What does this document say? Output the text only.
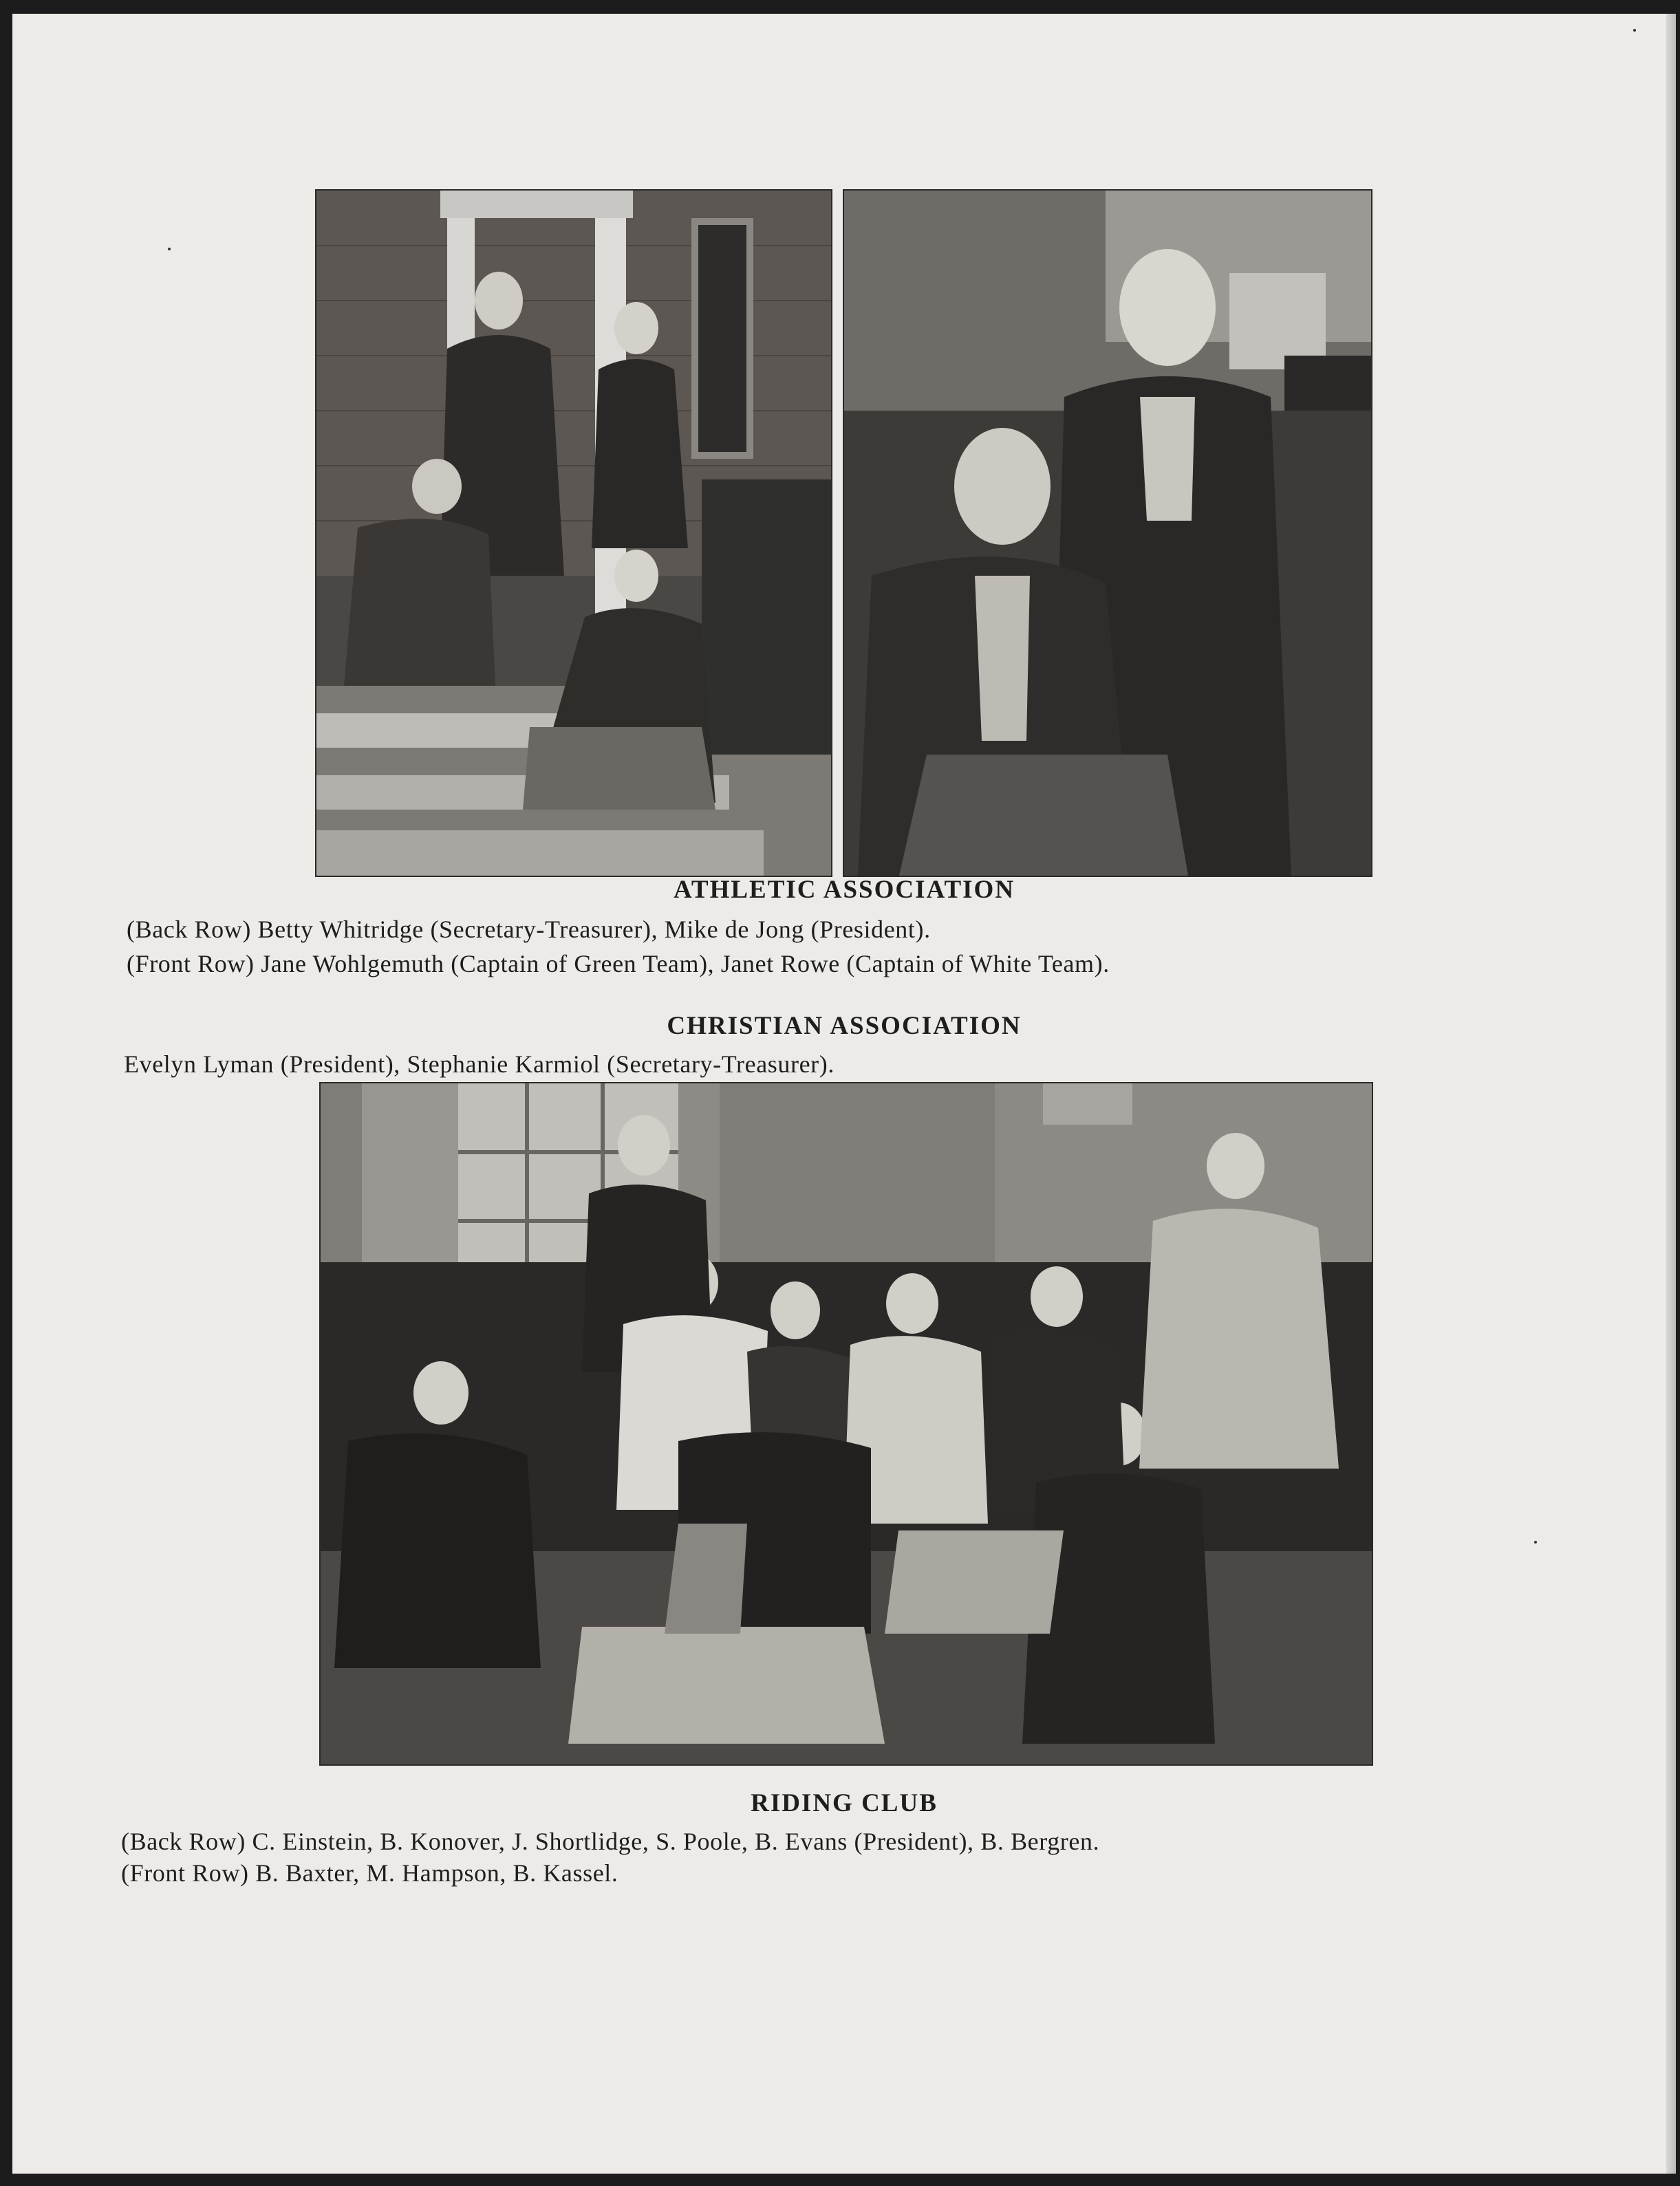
ATHLETIC ASSOCIATION

(Back Row) Betty Whitridge (Secretary-Treasurer), Mike de Jong (President).

(Front Row) Jane Wohlgemuth (Captain of Green Team), Janet Rowe (Captain of White Team).

CHRISTIAN ASSOCIATION

Evelyn Lyman (President), Stephanie Karmiol (Secretary-Treasurer).

RIDING CLUB

(Back Row) C. Einstein, B. Konover, J. Shortlidge, S. Poole, B. Evans (President), B. Bergren.

(Front Row) B. Baxter, M. Hampson, B. Kassel.
